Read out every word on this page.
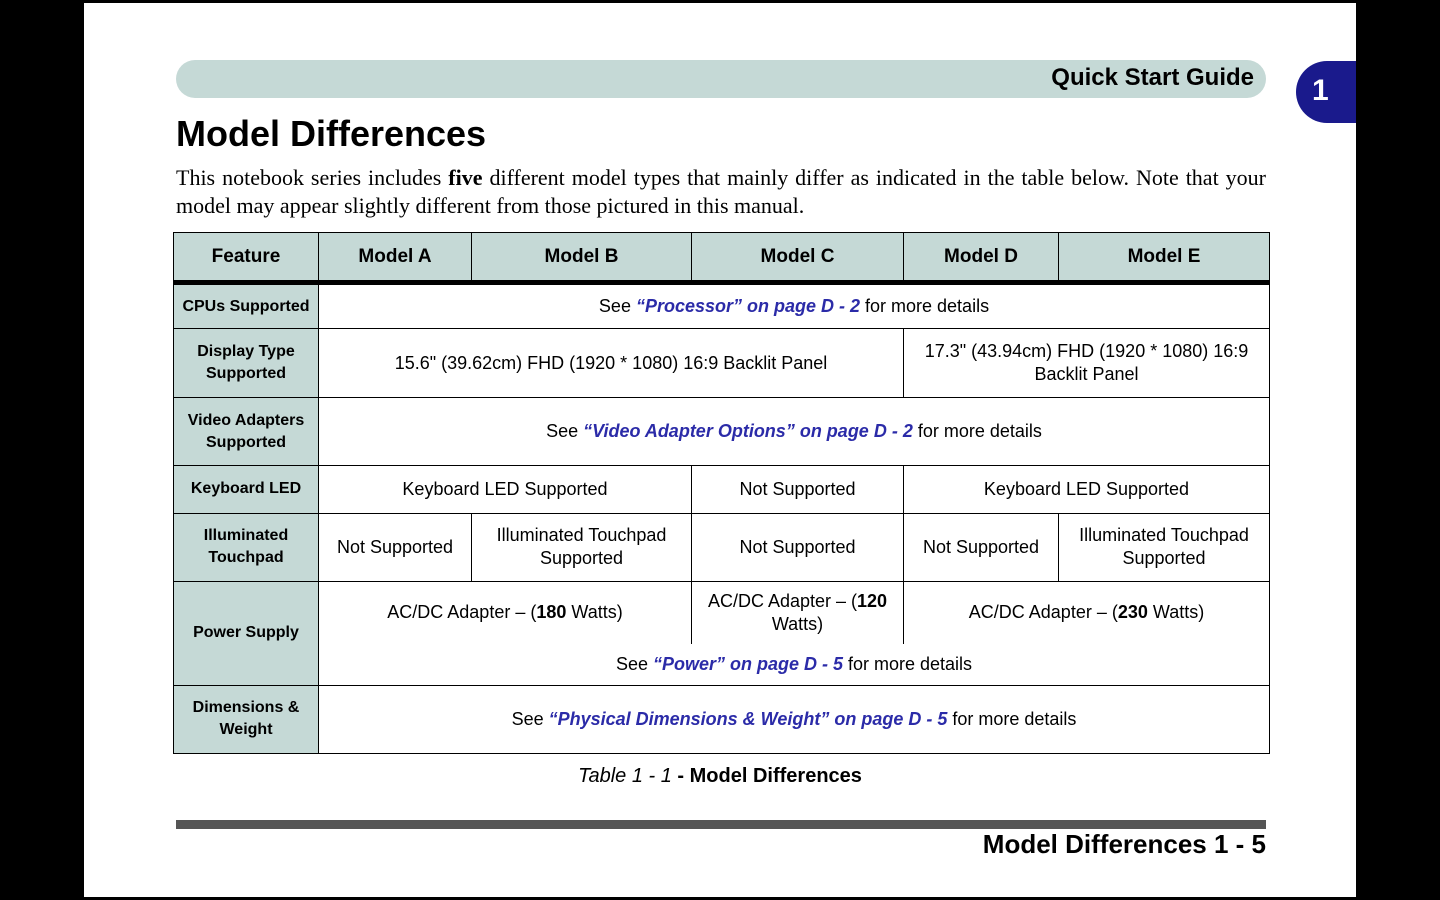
Quick Start Guide 1
Model Differences

This notebook series includes five different model types that mainly differ as indicated in the table below. Note that your model may appear slightly different from those pictured in this manual.

Feature	Model A	Model B	Model C	Model D	Model E
CPUs Supported	See “Processor” on page D - 2 for more details				
Display Type Supported	15.6" (39.62cm) FHD (1920 * 1080) 16:9 Backlit Panel			17.3" (43.94cm) FHD (1920 * 1080) 16:9 Backlit Panel	
Video Adapters Supported	See “Video Adapter Options” on page D - 2 for more details				
Keyboard LED	Keyboard LED Supported		Not Supported	Keyboard LED Supported	
Illuminated Touchpad	Not Supported	Illuminated Touchpad Supported	Not Supported	Not Supported	Illuminated Touchpad Supported
Power Supply	AC/DC Adapter – (180 Watts)		AC/DC Adapter – (120 Watts)	AC/DC Adapter – (230 Watts)	
	See “Power” on page D - 5 for more details				
Dimensions & Weight	See “Physical Dimensions & Weight” on page D - 5 for more details				
Table 1 - 1 - Model Differences
Model Differences 1 - 5
